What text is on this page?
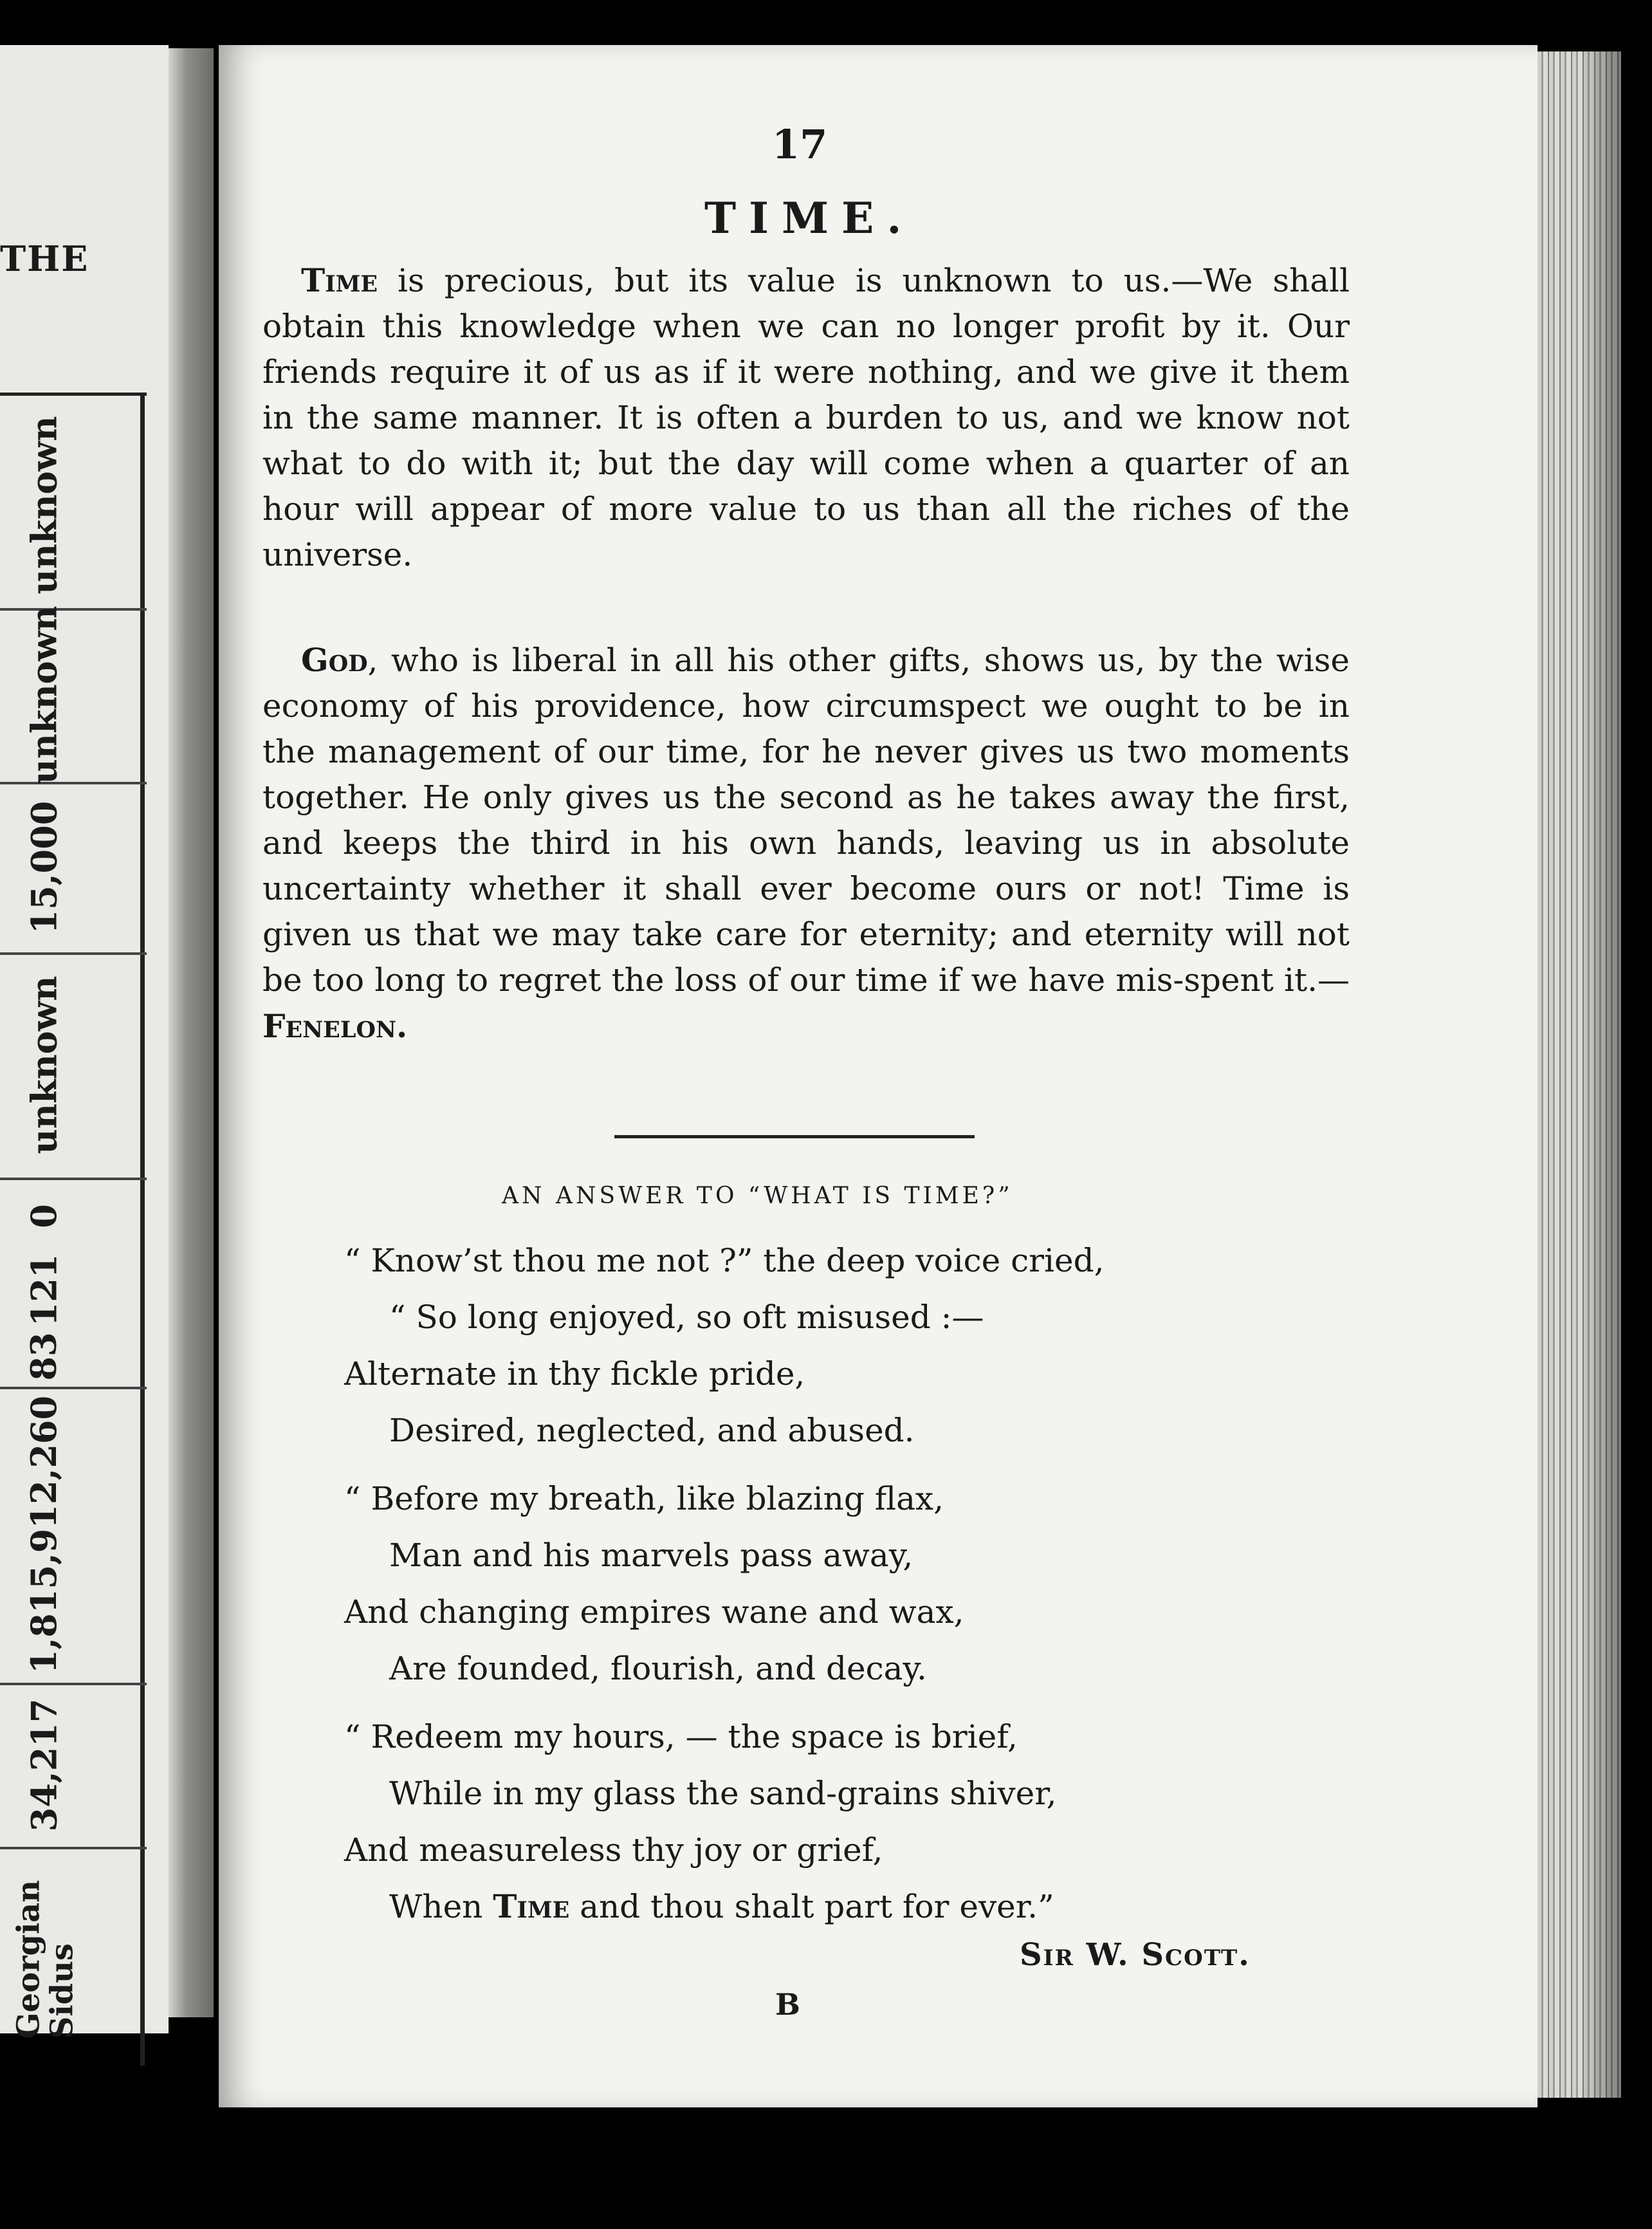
THE
unknown
unknown
15,000
unknown
0
121
83
1,815,912,260
34,217
Georgian
Sidus
17
TIME.

Time is precious, but its value is unknown to us.—We shall obtain this knowledge when we can no longer profit by it. Our friends require it of us as if it were nothing, and we give it them in the same manner. It is often a burden to us, and we know not what to do with it; but the day will come when a quarter of an hour will appear of more value to us than all the riches of the universe.

God, who is liberal in all his other gifts, shows us, by the wise economy of his providence, how circumspect we ought to be in the management of our time, for he never gives us two moments together. He only gives us the second as he takes away the first, and keeps the third in his own hands, leaving us in absolute uncertainty whether it shall ever become ours or not! Time is given us that we may take care for eternity; and eternity will not be too long to regret the loss of our time if we have mis-spent it.—Fenelon.

AN ANSWER TO “WHAT IS TIME?”
“ Know’st thou me not ?” the deep voice cried,
“ So long enjoyed, so oft misused :—
Alternate in thy fickle pride,
Desired, neglected, and abused.
“ Before my breath, like blazing flax,
Man and his marvels pass away,
And changing empires wane and wax,
Are founded, flourish, and decay.
“ Redeem my hours, — the space is brief,
While in my glass the sand-grains shiver,
And measureless thy joy or grief,
When Time and thou shalt part for ever.”
Sir W. Scott.
B
